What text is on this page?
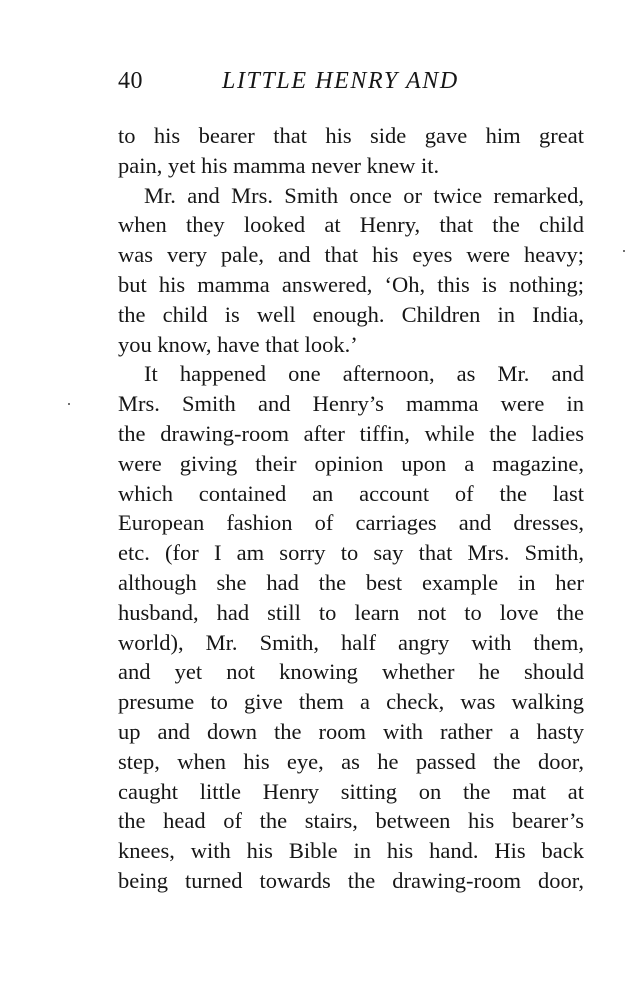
40	LITTLE HENRY AND
to his bearer that his side gave him great
pain, yet his mamma never knew it.
Mr. and Mrs. Smith once or twice remarked,
when they looked at Henry, that the child
was very pale, and that his eyes were heavy;
but his mamma answered, ‘Oh, this is nothing;
the child is well enough. Children in India,
you know, have that look.’
It happened one afternoon, as Mr. and
Mrs. Smith and Henry’s mamma were in
the drawing-room after tiffin, while the ladies
were giving their opinion upon a magazine,
which contained an account of the last
European fashion of carriages and dresses,
etc. (for I am sorry to say that Mrs. Smith,
although she had the best example in her
husband, had still to learn not to love the
world), Mr. Smith, half angry with them,
and yet not knowing whether he should
presume to give them a check, was walking
up and down the room with rather a hasty
step, when his eye, as he passed the door,
caught little Henry sitting on the mat at
the head of the stairs, between his bearer’s
knees, with his Bible in his hand. His back
being turned towards the drawing-room door,
